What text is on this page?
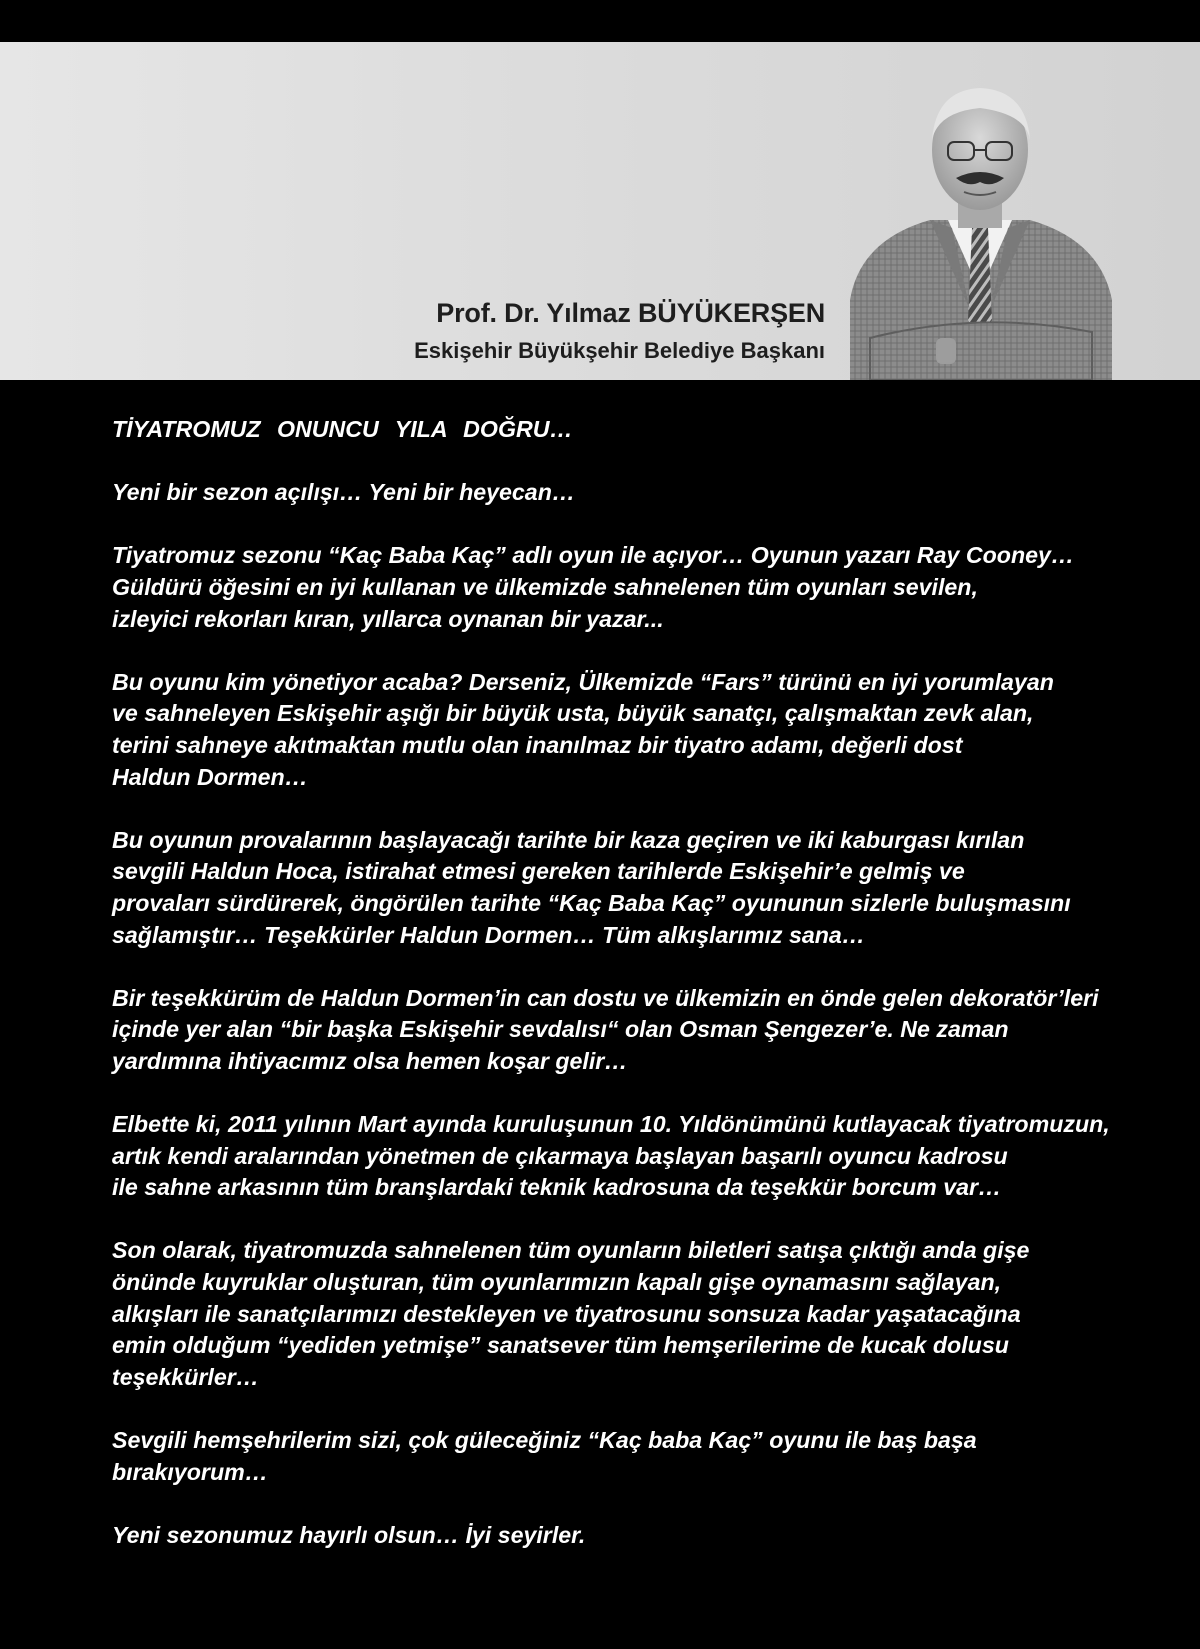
Prof. Dr. Yılmaz BÜYÜKERŞEN
Eskişehir Büyükşehir Belediye Başkanı

TİYATROMUZ ONUNCU YILA DOĞRU…

Yeni bir sezon açılışı… Yeni bir heyecan…

Tiyatromuz sezonu “Kaç Baba Kaç” adlı oyun ile açıyor… Oyunun yazarı Ray Cooney…
Güldürü öğesini en iyi kullanan ve ülkemizde sahnelenen tüm oyunları sevilen,
izleyici rekorları kıran, yıllarca oynanan bir yazar...

Bu oyunu kim yönetiyor acaba? Derseniz, Ülkemizde “Fars” türünü en iyi yorumlayan
ve sahneleyen Eskişehir aşığı bir büyük usta, büyük sanatçı, çalışmaktan zevk alan,
terini sahneye akıtmaktan mutlu olan inanılmaz bir tiyatro adamı, değerli dost
Haldun Dormen…

Bu oyunun provalarının başlayacağı tarihte bir kaza geçiren ve iki kaburgası kırılan
sevgili Haldun Hoca, istirahat etmesi gereken tarihlerde Eskişehir’e gelmiş ve
provaları sürdürerek, öngörülen tarihte “Kaç Baba Kaç” oyununun sizlerle buluşmasını
sağlamıştır… Teşekkürler Haldun Dormen… Tüm alkışlarımız sana…

Bir teşekkürüm de Haldun Dormen’in can dostu ve ülkemizin en önde gelen dekoratör’leri
içinde yer alan “bir başka Eskişehir sevdalısı“ olan Osman Şengezer’e. Ne zaman
yardımına ihtiyacımız olsa hemen koşar gelir…

Elbette ki, 2011 yılının Mart ayında kuruluşunun 10. Yıldönümünü kutlayacak tiyatromuzun,
artık kendi aralarından yönetmen de çıkarmaya başlayan başarılı oyuncu kadrosu
ile sahne arkasının tüm branşlardaki teknik kadrosuna da teşekkür borcum var…

Son olarak, tiyatromuzda sahnelenen tüm oyunların biletleri satışa çıktığı anda gişe
önünde kuyruklar oluşturan, tüm oyunlarımızın kapalı gişe oynamasını sağlayan,
alkışları ile sanatçılarımızı destekleyen ve tiyatrosunu sonsuza kadar yaşatacağına
emin olduğum “yediden yetmişe” sanatsever tüm hemşerilerime de kucak dolusu
teşekkürler…

Sevgili hemşehrilerim sizi, çok güleceğiniz “Kaç baba Kaç” oyunu ile baş başa
bırakıyorum…

Yeni sezonumuz hayırlı olsun… İyi seyirler.
